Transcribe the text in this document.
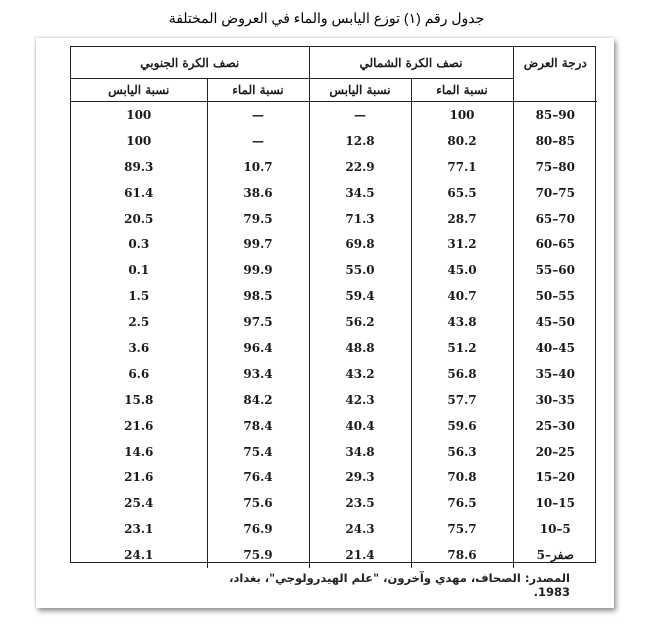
جدول رقم (١) توزع اليابس والماء في العروض المختلفة
درجة العرض	نصف الكرة الشمالي		نصف الكرة الجنوبي	
	نسبة الماء	نسبة اليابس	نسبة الماء	نسبة اليابس
85–90	100	—	—	100
80–85	80.2	12.8	—	100
75–80	77.1	22.9	10.7	89.3
70–75	65.5	34.5	38.6	61.4
65–70	28.7	71.3	79.5	20.5
60–65	31.2	69.8	99.7	0.3
55–60	45.0	55.0	99.9	0.1
50–55	40.7	59.4	98.5	1.5
45–50	43.8	56.2	97.5	2.5
40–45	51.2	48.8	96.4	3.6
35–40	56.8	43.2	93.4	6.6
30–35	57.7	42.3	84.2	15.8
25–30	59.6	40.4	78.4	21.6
20–25	56.3	34.8	75.4	14.6
15–20	70.8	29.3	76.4	21.6
10–15	76.5	23.5	75.6	25.4
10–5	75.7	24.3	76.9	23.1
5–صفر	78.6	21.4	75.9	24.1
المصدر: الصحاف، مهدي وآخرون، "علم الهيدرولوجي"، بغداد، 1983.
